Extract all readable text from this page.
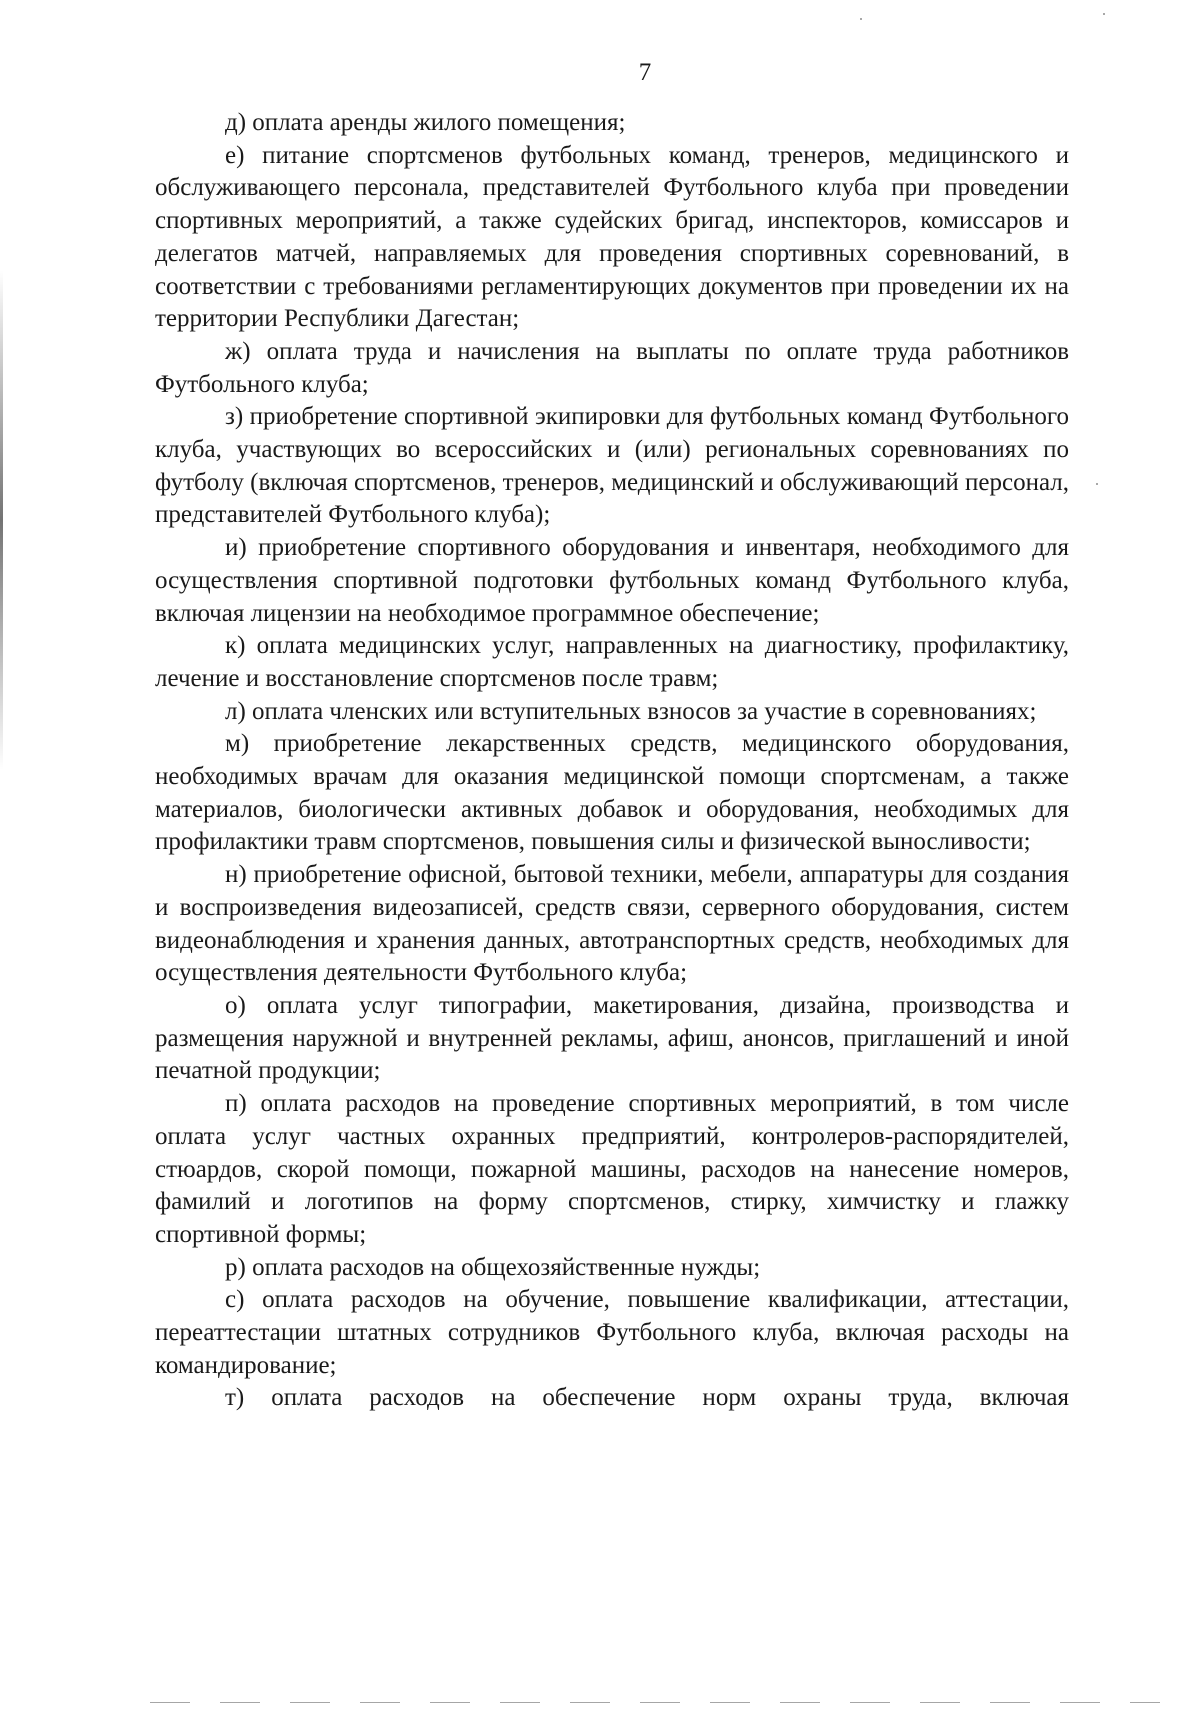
7

д) оплата аренды жилого помещения;

е) питание спортсменов футбольных команд, тренеров, медицинского и обслуживающего персонала, представителей Футбольного клуба при проведении спортивных мероприятий, а также судейских бригад, инспекторов, комиссаров и делегатов матчей, направляемых для проведения спортивных соревнований, в соответствии с требованиями регламентирующих документов при проведении их на территории Республики Дагестан;

ж) оплата труда и начисления на выплаты по оплате труда работников Футбольного клуба;

з) приобретение спортивной экипировки для футбольных команд Футбольного клуба, участвующих во всероссийских и (или) региональных соревнованиях по футболу (включая спортсменов, тренеров, медицинский и обслуживающий персонал, представителей Футбольного клуба);

и) приобретение спортивного оборудования и инвентаря, необходимого для осуществления спортивной подготовки футбольных команд Футбольного клуба, включая лицензии на необходимое программное обеспечение;

к) оплата медицинских услуг, направленных на диагностику, профилактику, лечение и восстановление спортсменов после травм;

л) оплата членских или вступительных взносов за участие в соревнованиях;

м) приобретение лекарственных средств, медицинского оборудования, необходимых врачам для оказания медицинской помощи спортсменам, а также материалов, биологически активных добавок и оборудования, необходимых для профилактики травм спортсменов, повышения силы и физической выносливости;

н) приобретение офисной, бытовой техники, мебели, аппаратуры для создания и воспроизведения видеозаписей, средств связи, серверного оборудования, систем видеонаблюдения и хранения данных, автотранспортных средств, необходимых для осуществления деятельности Футбольного клуба;

о) оплата услуг типографии, макетирования, дизайна, производства и размещения наружной и внутренней рекламы, афиш, анонсов, приглашений и иной печатной продукции;

п) оплата расходов на проведение спортивных мероприятий, в том числе оплата услуг частных охранных предприятий, контролеров-распорядителей, стюардов, скорой помощи, пожарной машины, расходов на нанесение номеров, фамилий и логотипов на форму спортсменов, стирку, химчистку и глажку спортивной формы;

р) оплата расходов на общехозяйственные нужды;

с) оплата расходов на обучение, повышение квалификации, аттестации, переаттестации штатных сотрудников Футбольного клуба, включая расходы на командирование;

т) оплата расходов на обеспечение норм охраны труда, включая
